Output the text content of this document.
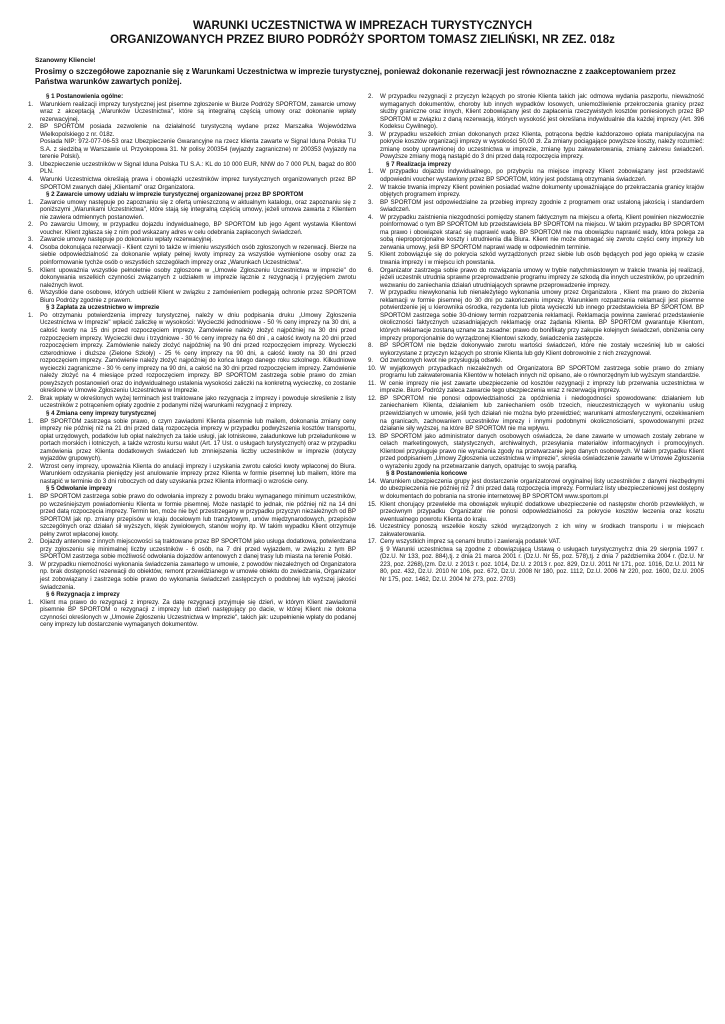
WARUNKI UCZESTNICTWA W IMPREZACH TURYSTYCZNYCH
ORGANIZOWANYCH PRZEZ BIURO PODRÓŻY SPORTOM TOMASZ ZIELIŃSKI, NR ZEZ. 018z
Szanowny Kliencie!
Prosimy o szczegółowe zapoznanie się z Warunkami Uczestnictwa w imprezie turystycznej, ponieważ dokonanie rezerwacji jest równoznaczne z zaakceptowaniem przez Państwa warunków zawartych poniżej.

§ 1 Postanowienia ogólne:

1.	Warunkiem realizacji imprezy turystycznej jest pisemne zgłoszenie w Biurze Podróży SPORTOM, zawarcie umowy wraz z akceptacją „Warunków Uczestnictwa", które są integralną częścią umowy oraz dokonanie wpłaty rezerwacyjnej.
2.	BP SPORTOM posiada zezwolenie na działalność turystyczną wydane przez Marszałka Województwa Wielkopolskiego z nr. 018z.

Posiada NIP: 972-077-06-53 oraz Ubezpieczenie Gwarancyjne na rzecz klienta zawarte w Signal Iduna Polska TU S.A. z siedzibą w Warszawie ul. Przyokopowa 31. Nr polisy 200354 (wyjazdy zagraniczne) nr 200353 (wyjazdy na terenie Polski).

3.	Ubezpieczenie uczestników w Signal Iduna Polska TU S.A.: KL do 10 000 EUR, NNW do 7 000 PLN, bagaż do 800 PLN.
4.	Warunki Uczestnictwa określają prawa i obowiązki uczestników imprez turystycznych organizowanych przez BP SPORTOM zwanych dalej „Klientami" oraz Organizatora.

§ 2 Zawarcie umowy udziału w imprezie turystycznej organizowanej przez BP SPORTOM

1.	Zawarcie umowy następuje po zapoznaniu się z ofertą umieszczoną w aktualnym katalogu, oraz zapoznaniu się z poniższymi „Warunkami Uczestnictwa", które stają się integralną częścią umowy, jeżeli umowa zawarta z Klientem nie zawiera odmiennych postanowień.
2.	Po zawarciu Umowy, w przypadku dojazdu indywidualnego, BP SPORTOM lub jego Agent wystawia Klientowi voucher. Klient zgłasza się z nim pod wskazany adres w celu odebrania zapłaconych świadczeń.
3.	Zawarcie umowy następuje po dokonaniu wpłaty rezerwacyjnej.
4.	Osoba dokonująca rezerwacji - Klient czyni to także w imieniu wszystkich osób zgłoszonych w rezerwacji. Bierze na siebie odpowiedzialność za dokonanie wpłaty pełnej kwoty imprezy za wszystkie wymienione osoby oraz za poinformowanie tychże osób o wszystkich szczegółach imprezy oraz „Warunkach Uczestnictwa".
5.	Klient upoważnia wszystkie pełnoletnie osoby zgłoszone w „Umowie Zgłoszeniu Uczestnictwa w imprezie" do dokonywania wszelkich czynności związanych z udziałem w imprezie łącznie z rezygnacją i przyjęciem zwrotu należnych kwot.
6.	Wszystkie dane osobowe, których udzielił Klient w związku z zamówieniem podlegają ochronie przez SPORTOM Biuro Podróży zgodnie z prawem.

§ 3 Zapłata za uczestnictwo w imprezie

1.	Po otrzymaniu potwierdzenia imprezy turystycznej, należy w dniu podpisania druku „Umowy Zgłoszenia Uczestnictwa w Imprezie" wpłacić zaliczkę w wysokości: Wycieczki jednodniowe - 50 % ceny imprezy na 30 dni, a całość kwoty na 15 dni przed rozpoczęciem imprezy. Zamówienie należy złożyć najpóźniej na 30 dni przed rozpoczęciem imprezy. Wycieczki dwu i trzydniowe - 30 % ceny imprezy na 60 dni , a całość kwoty na 20 dni przed rozpoczęciem imprezy. Zamówienie należy złożyć najpóźniej na 90 dni przed rozpoczęciem imprezy. Wycieczki czterodniowe i dłuższe (Zielone Szkoły) - 25 % ceny imprezy na 90 dni, a całość kwoty na 30 dni przed rozpoczęciem imprezy. Zamówienie należy złożyć najpóźniej do końca lutego danego roku szkolnego. Kilkudniowe wycieczki zagraniczne - 30 % ceny imprezy na 90 dni, a całość na 30 dni przed rozpoczęciem imprezy. Zamówienie należy złożyć na 4 miesiące przed rozpoczęciem imprezy. BP SPORTOM zastrzega sobie prawo do zmian powyższych postanowień oraz do indywidualnego ustalenia wysokości zaliczki na konkretną wycieczkę, co zostanie określone w Umowie Zgłoszeniu Uczestnictwa w Imprezie.
2.	Brak wpłaty w określonych wyżej terminach jest traktowane jako rezygnacja z imprezy i powoduje skreślenie z listy uczestników z potrąceniem opłaty zgodnie z podanymi niżej warunkami rezygnacji z imprezy.

§ 4 Zmiana ceny imprezy turystycznej

1.	BP SPORTOM zastrzega sobie prawo, o czym zawiadomi Klienta pisemnie lub mailem, dokonania zmiany ceny imprezy nie później niż na 21 dni przed datą rozpoczęcia imprezy w przypadku podwyższenia kosztów transportu, opłat urzędowych, podatków lub opłat należnych za takie usługi, jak lotniskowe, załadunkowe lub przeładunkowe w portach morskich i lotniczych, a także wzrostu kursu walut (Art. 17 Ust. o usługach turystycznych) oraz w przypadku zamówienia przez Klienta dodatkowych świadczeń lub zmniejszenia liczby uczestników w imprezie (dotyczy wyjazdów grupowych).
2.	Wzrost ceny imprezy, upoważnia Klienta do anulacji imprezy i uzyskania zwrotu całości kwoty wpłaconej do Biura. Warunkiem odzyskania pieniędzy jest anulowanie imprezy przez Klienta w formie pisemnej lub mailem, które ma nastąpić w terminie do 3 dni roboczych od daty uzyskania przez Klienta informacji o wzroście ceny.

§ 5 Odwołanie imprezy

1.	BP SPORTOM zastrzega sobie prawo do odwołania imprezy z powodu braku wymaganego minimum uczestników, po wcześniejszym powiadomieniu Klienta w formie pisemnej. Może nastąpić to jednak, nie później niż na 14 dni przed datą rozpoczęcia imprezy. Termin ten, może nie być przestrzegany w przypadku przyczyn niezależnych od BP SPORTOM jak np. zmiany przepisów w kraju docelowym lub tranzytowym, umów międzynarodowych, przepisów szczególnych oraz działań sił wyższych, klęsk żywiołowych, stanów wojny itp. W takim wypadku Klient otrzymuje pełny zwrot wpłaconej kwoty.
2.	Dojazdy antenowe z innych miejscowości są traktowane przez BP SPORTOM jako usługa dodatkowa, potwierdzana przy zgłoszeniu się minimalnej liczby uczestników - 6 osób, na 7 dni przed wyjazdem, w związku z tym BP SPORTOM zastrzega sobie możliwość odwołania dojazdów antenowych z danej trasy lub miasta na terenie Polski.
3.	W przypadku niemożności wykonania świadczenia zawartego w umowie, z powodów niezależnych od Organizatora np. brak dostępności rezerwacji do obiektów, remont przewidzianego w umowie obiektu do zwiedzania, Organizator jest zobowiązany i zastrzega sobie prawo do wykonania świadczeń zastępczych o podobnej lub wyższej jakości świadczenia.

§ 6 Rezygnacja z imprezy

1.	Klient ma prawo do rezygnacji z imprezy. Za datę rezygnacji przyjmuje się dzień, w którym Klient zawiadomił pisemnie BP SPORTOM o rezygnacji z imprezy lub dzień następujący po dacie, w której Klient nie dokona czynności określonych w „Umowie Zgłoszeniu Uczestnictwa w Imprezie", takich jak: uzupełnienie wpłaty do podanej ceny imprezy lub dostarczenie wymaganych dokumentów.
2.	W przypadku rezygnacji z przyczyn leżących po stronie Klienta takich jak: odmowa wydania paszportu, nieważność wymaganych dokumentów, choroby lub innych wypadków losowych, uniemożliwienie przekroczenia granicy przez służby graniczne oraz innych, Klient zobowiązany jest do zapłacenia rzeczywistych kosztów poniesionych przez BP SPORTOM w związku z daną rezerwacją, których wysokość jest określana indywidualnie dla każdej imprezy (Art. 396 Kodeksu Cywilnego).
3.	W przypadku wszelkich zmian dokonanych przez Klienta, potrącona będzie każdorazowo opłata manipulacyjna na pokrycie kosztów organizacji imprezy w wysokości 50,00 zł. Za zmiany pociągające powyższe koszty, należy rozumieć: zmianę osoby uprawnionej do uczestnictwa w imprezie, zmianę typu zakwaterowania, zmianę zakresu świadczeń. Powyższe zmiany mogą nastąpić do 3 dni przed datą rozpoczęcia imprezy.

§ 7 Realizacja imprezy

1.	W przypadku dojazdu indywidualnego, po przybyciu na miejsce imprezy Klient zobowiązany jest przedstawić odpowiedni voucher wystawiony przez BP SPORTOM, który jest podstawą otrzymania świadczeń.
2.	W trakcie trwania imprezy Klient powinien posiadać ważne dokumenty upoważniające do przekraczania granicy krajów objętych programem imprezy.
3.	BP SPORTOM jest odpowiedzialne za przebieg imprezy zgodnie z programem oraz ustaloną jakością i standardem świadczeń.
4.	W przypadku zaistnienia niezgodności pomiędzy stanem faktycznym na miejscu a ofertą, Klient powinien niezwłocznie poinformować o tym BP SPORTOM lub przedstawiciela BP SPORTOM na miejscu. W takim przypadku BP SPORTOM ma prawo i obowiązek starać się naprawić wadę. BP SPORTOM nie ma obowiązku naprawić wady, która polega za sobą nieproporcjonalne koszty i utrudnienia dla Biura. Klient nie może domagać się zwrotu części ceny imprezy lub zerwania umowy, jeśli BP SPORTOM naprawi wadę w odpowiednim terminie.
5.	Klient zobowiązuje się do pokrycia szkód wyrządzonych przez siebie lub osób będących pod jego opieką w czasie trwania imprezy i w miejscu ich powstania.
6.	Organizator zastrzega sobie prawo do rozwiązania umowy w trybie natychmiastowym w trakcie trwania jej realizacji, jeżeli uczestnik utrudnia sprawne przeprowadzenie programu imprezy ze szkodą dla innych uczestników, po uprzednim wezwaniu do zaniechania działań utrudniających sprawne przeprowadzenie imprezy.
7.	W przypadku niewykonania lub nienależytego wykonania umowy przez Organizatora , Klient ma prawo do złożenia reklamacji w formie pisemnej do 30 dni po zakończeniu imprezy. Warunkiem rozpatrzenia reklamacji jest pisemne potwierdzenie jej u kierownika ośrodka, rezydenta lub pilota wycieczki lub innego przedstawiciela BP SPORTOM. BP SPORTOM zastrzega sobie 30-dniowy termin rozpatrzenia reklamacji. Reklamacja powinna zawierać przedstawienie okoliczności faktycznych uzasadniających reklamację oraz żądania Klienta. BP SPORTOM gwarantuje Klientom, których reklamacje zostaną uznane za zasadne: prawo do bonifikaty przy zakupie kolejnych świadczeń, obniżenia ceny imprezy proporcjonalnie do wyrządzonej Klientowi szkody, świadczenia zastępcze.
8.	BP SPORTOM nie będzie dokonywało zwrotu wartości świadczeń, które nie zostały wcześniej lub w całości wykorzystane z przyczyn leżących po stronie Klienta lub gdy Klient dobrowolnie z nich zrezygnował.
9.	Od zwróconych kwot nie przysługują odsetki.
10. W wyjątkowych przypadkach niezależnych od Organizatora BP SPORTOM zastrzega sobie prawo do zmiany programu lub zakwaterowania Klientów w hotelach innych niż opisano, ale o równorzędnym lub wyższym standardzie.
11. W cenie imprezy nie jest zawarte ubezpieczenie od kosztów rezygnacji z imprezy lub przerwania uczestnictwa w imprezie. Biuro Podróży zaleca zawarcie tego ubezpieczenia wraz z rezerwacją imprezy.
12. BP SPORTOM nie ponosi odpowiedzialności za opóźnienia i niedogodności spowodowane: działaniem lub zaniechaniem Klienta, działaniem lub zaniechaniem osób trzecich, nieuczestniczących w wykonaniu usług przewidzianych w umowie, jeśli tych działań nie można było przewidzieć; warunkami atmosferycznymi, oczekiwaniem na granicach, zachowaniem uczestników imprezy i innymi podobnymi okolicznościami, spowodowanymi przez działanie siły wyższej, na które BP SPORTOM nie ma wpływu.
13. BP SPORTOM jako administrator danych osobowych oświadcza, że dane zawarte w umowach zostały zebrane w celach marketingowych, statystycznych, archiwalnych, przesyłania materiałów informacyjnych i promocyjnych. Klientowi przysługuje prawo nie wyrażenia zgody na przetwarzanie jego danych osobowych. W takim przypadku Klient przed podpisaniem „Umowy Zgłoszenia uczestnictwa w imprezie", skreśla oświadczenie zawarte w Umowie Zgłoszenia o wyrażeniu zgody na przetwarzanie danych, opatrując to swoją parafką.

§ 8 Postanowienia końcowe

14. Warunkiem ubezpieczenia grupy jest dostarczenie organizatorowi oryginalnej listy uczestników z danymi niezbędnymi do ubezpieczenia nie później niż 7 dni przed datą rozpoczęcia imprezy. Formularz listy ubezpieczeniowej jest dostępny w dokumentach do pobrania na stronie internetowej BP SPORTOM www.sportom.pl
15. Klient chorujący przewlekle ma obowiązek wykupić dodatkowe ubezpieczenie od następstw chorób przewlekłych, w przeciwnym przypadku Organizator nie ponosi odpowiedzialności za pokrycie kosztów leczenia oraz kosztu ewentualnego powrotu Klienta do kraju.
16. Uczestnicy ponoszą wszelkie koszty szkód wyrządzonych z ich winy w środkach transportu i w miejscach zakwaterowania.
17. Ceny wszystkich imprez są cenami brutto i zawierają podatek VAT.

§ 9 Warunki uczestnictwa są zgodne z obowiązującą Ustawą o usługach turystycznych:z dnia 29 sierpnia 1997 r. (Dz.U. Nr 133, poz. 884),tj. z dnia 21 marca 2001 r. (Dz.U. Nr 55, poz. 578),tj. z dnia 7 października 2004 r. (Dz.U. Nr 223, poz. 2268),(zm. Dz.U. z 2013 r. poz. 1014, Dz.U. z 2013 r. poz. 829, Dz.U. 2011 Nr 171, poz. 1016, Dz.U. 2011 Nr 80, poz. 432, Dz.U. 2010 Nr 106, poz. 672, Dz.U. 2008 Nr 180, poz. 1112, Dz.U. 2006 Nr 220, poz. 1600, Dz.U. 2005 Nr 175, poz. 1462, Dz.U. 2004 Nr 273, poz. 2703)
